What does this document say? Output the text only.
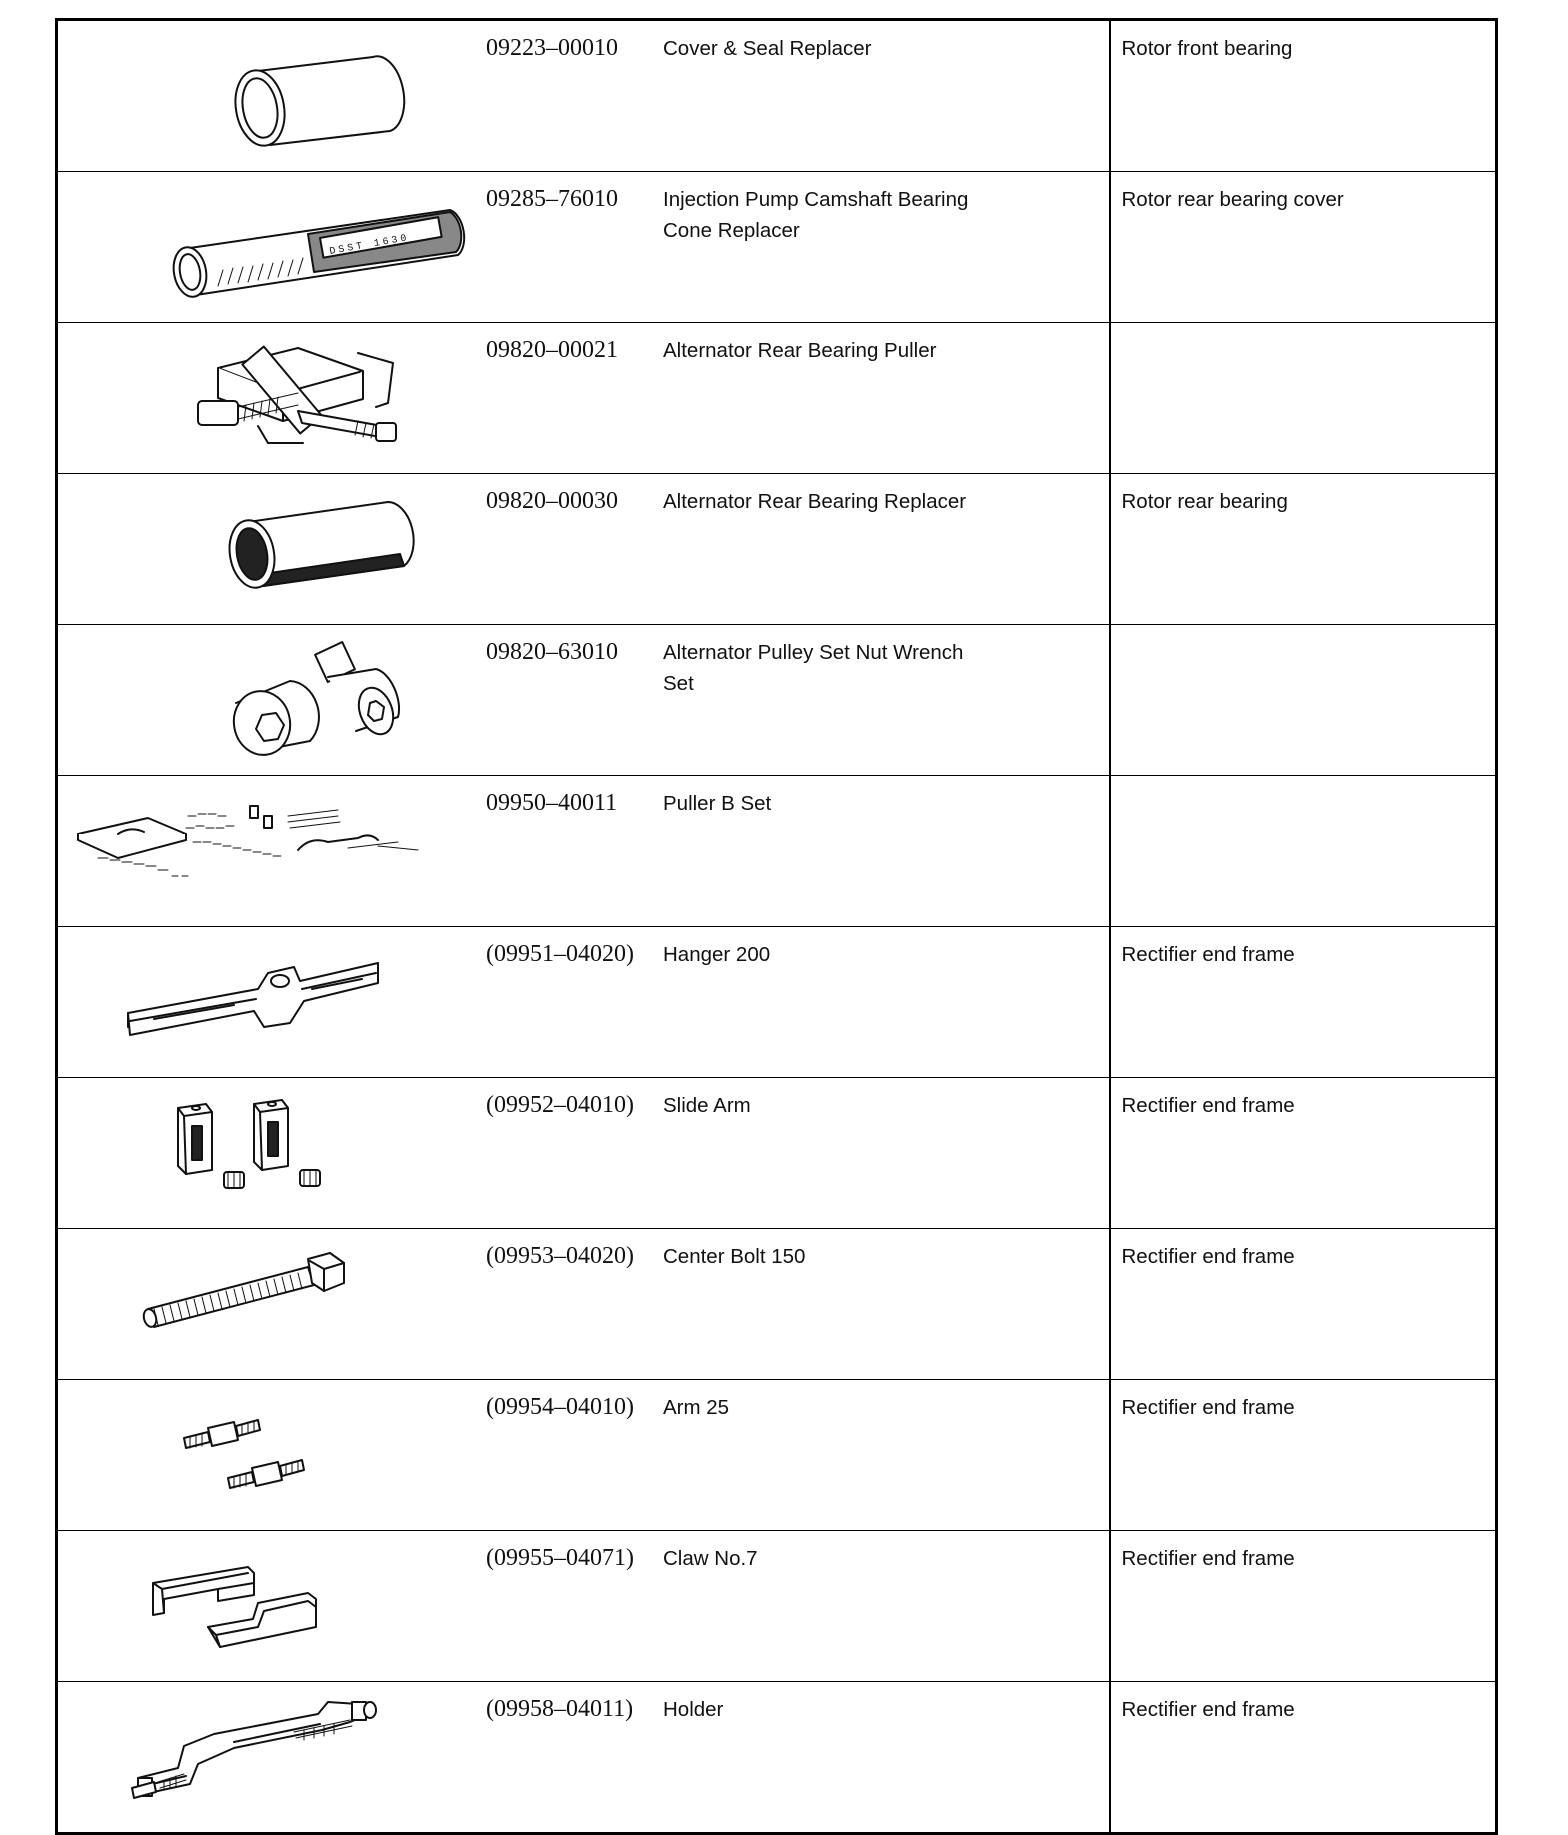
09223–00010 Cover & Seal Replacer	Rotor front bearing

DSST 1630
09285–76010 Injection Pump Camshaft Bearing Cone Replacer	Rotor rear bearing cover

09820–00021 Alternator Rear Bearing Puller	

09820–00030 Alternator Rear Bearing Replacer	Rotor rear bearing

09820–63010 Alternator Pulley Set Nut Wrench Set	

09950–40011 Puller B Set	

(09951–04020) Hanger 200	Rectifier end frame

(09952–04010) Slide Arm	Rectifier end frame

(09953–04020) Center Bolt 150	Rectifier end frame

(09954–04010) Arm 25	Rectifier end frame

(09955–04071) Claw No.7	Rectifier end frame

(09958–04011) Holder	Rectifier end frame
